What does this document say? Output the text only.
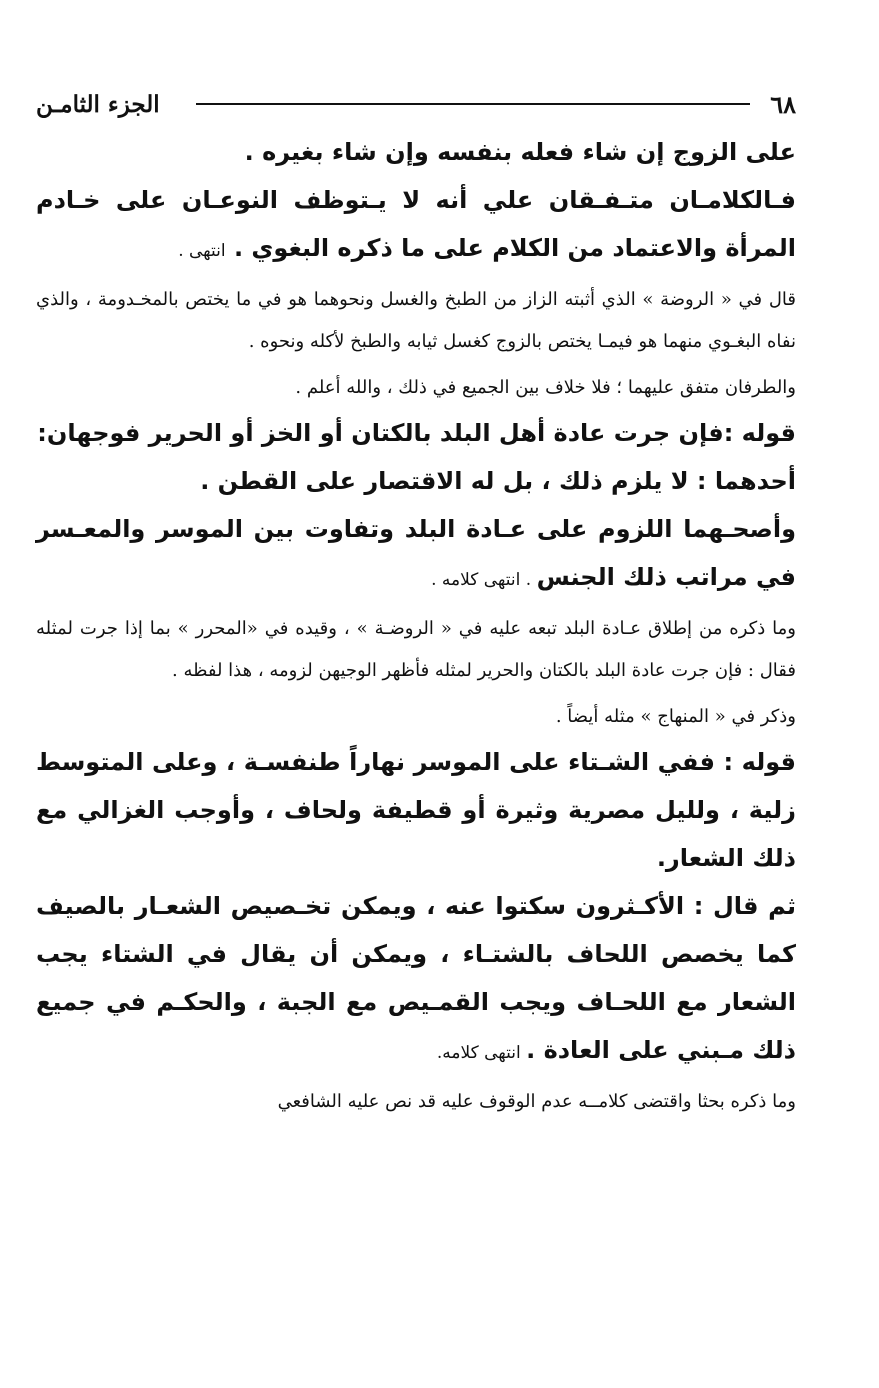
٦٨
الجزء الثامـن

على الزوج إن شاء فعله بنفسه وإن شاء بغيره .

فـالكلامـان متـفـقان علي أنه لا يـتوظف النوعـان على خـادم المرأة والاعتماد من الكلام على ما ذكره البغوي . انتهى .

قال في « الروضة » الذي أثبته الزاز من الطبخ والغسل ونحوهما هو في ما يختص بالمخـدومة ، والذي نفاه البغـوي منهما هو فيمـا يختص بالزوج كغسل ثيابه والطبخ لأكله ونحوه .

والطرفان متفق عليهما ؛ فلا خلاف بين الجميع في ذلك ، والله أعلم .

قوله :فإن جرت عادة أهل البلد بالكتان أو الخز أو الحرير فوجهان:

أحدهما : لا يلزم ذلك ، بل له الاقتصار على القطن .

وأصحـهما اللزوم على عـادة البلد وتفاوت بين الموسر والمعـسر في مراتب ذلك الجنس . انتهى كلامه .

وما ذكره من إطلاق عـادة البلد تبعه عليه في « الروضـة » ، وقيده في «المحرر » بما إذا جرت لمثله فقال : فإن جرت عادة البلد بالكتان والحرير لمثله فأظهر الوجيهن لزومه ، هذا لفظه .

وذكر في « المنهاج » مثله أيضاً .

قوله : ففي الشـتاء على الموسر نهاراً طنفسـة ، وعلى المتوسط زلية ، ولليل مصرية وثيرة أو قطيفة ولحاف ، وأوجب الغزالي مع ذلك الشعار.

ثم قال : الأكـثرون سكتوا عنه ، ويمكن تخـصيص الشعـار بالصيف كما يخصص اللحاف بالشتـاء ، ويمكن أن يقال في الشتاء يجب الشعار مع اللحـاف ويجب القمـيص مع الجبة ، والحكـم في جميع ذلك مـبني على العادة . انتهى كلامه.

وما ذكره بحثا واقتضى كلامــه عدم الوقوف عليه قد نص عليه الشافعي
